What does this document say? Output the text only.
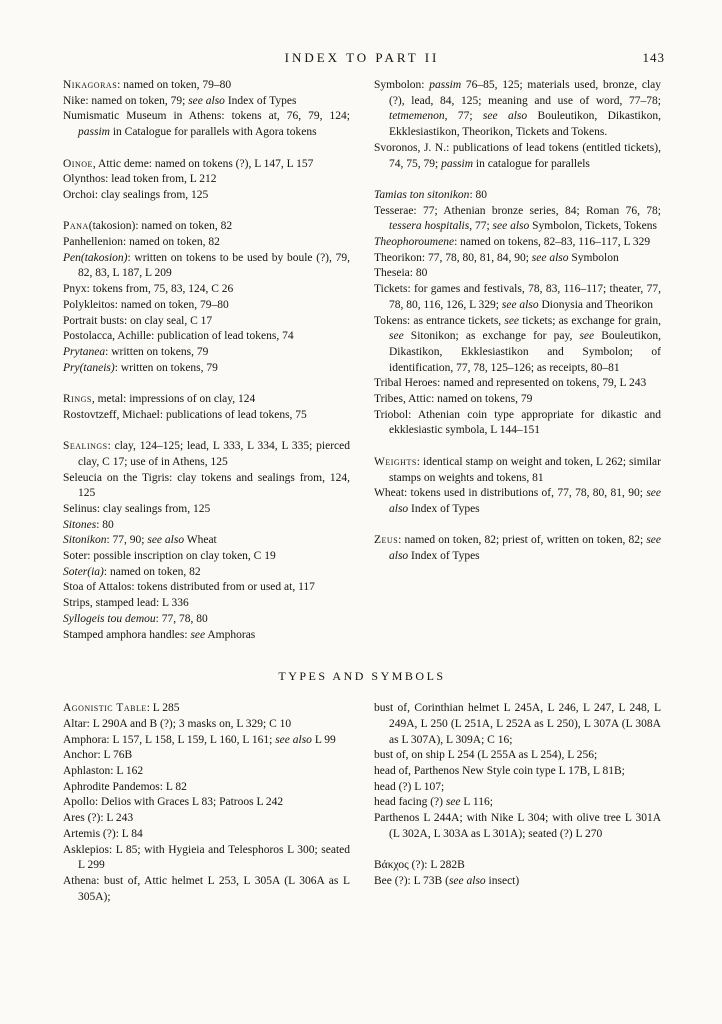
INDEX TO PART II	143

Nikagoras: named on token, 79–80

Nike: named on token, 79; see also Index of Types

Numismatic Museum in Athens: tokens at, 76, 79, 124; passim in Catalogue for parallels with Agora tokens

Oinoe, Attic deme: named on tokens (?), L 147, L 157

Olynthos: lead token from, L 212

Orchoi: clay sealings from, 125

Pana(takosion): named on token, 82

Panhellenion: named on token, 82

Pen(takosion): written on tokens to be used by boule (?), 79, 82, 83, L 187, L 209

Pnyx: tokens from, 75, 83, 124, C 26

Polykleitos: named on token, 79–80

Portrait busts: on clay seal, C 17

Postolacca, Achille: publication of lead tokens, 74

Prytanea: written on tokens, 79

Pry(taneis): written on tokens, 79

Rings, metal: impressions of on clay, 124

Rostovtzeff, Michael: publications of lead tokens, 75

Sealings: clay, 124–125; lead, L 333, L 334, L 335; pierced clay, C 17; use of in Athens, 125

Seleucia on the Tigris: clay tokens and sealings from, 124, 125

Selinus: clay sealings from, 125

Sitones: 80

Sitonikon: 77, 90; see also Wheat

Soter: possible inscription on clay token, C 19

Soter(ia): named on token, 82

Stoa of Attalos: tokens distributed from or used at, 117

Strips, stamped lead: L 336

Syllogeis tou demou: 77, 78, 80

Stamped amphora handles: see Amphoras

Symbolon: passim 76–85, 125; materials used, bronze, clay (?), lead, 84, 125; meaning and use of word, 77–78; tetmemenon, 77; see also Bouleutikon, Dikastikon, Ekklesiastikon, Theorikon, Tickets and Tokens.

Svoronos, J. N.: publications of lead tokens (entitled tickets), 74, 75, 79; passim in catalogue for parallels

Tamias ton sitonikon: 80

Tesserae: 77; Athenian bronze series, 84; Roman 76, 78; tessera hospitalis, 77; see also Symbolon, Tickets, Tokens

Theophoroumene: named on tokens, 82–83, 116–117, L 329

Theorikon: 77, 78, 80, 81, 84, 90; see also Symbolon

Theseia: 80

Tickets: for games and festivals, 78, 83, 116–117; theater, 77, 78, 80, 116, 126, L 329; see also Dionysia and Theorikon

Tokens: as entrance tickets, see tickets; as exchange for grain, see Sitonikon; as exchange for pay, see Bouleutikon, Dikastikon, Ekklesiastikon and Symbolon; of identification, 77, 78, 125–126; as receipts, 80–81

Tribal Heroes: named and represented on tokens, 79, L 243

Tribes, Attic: named on tokens, 79

Triobol: Athenian coin type appropriate for dikastic and ekklesiastic symbola, L 144–151

Weights: identical stamp on weight and token, L 262; similar stamps on weights and tokens, 81

Wheat: tokens used in distributions of, 77, 78, 80, 81, 90; see also Index of Types

Zeus: named on token, 82; priest of, written on token, 82; see also Index of Types

TYPES AND SYMBOLS

Agonistic Table: L 285

Altar: L 290A and B (?); 3 masks on, L 329; C 10

Amphora: L 157, L 158, L 159, L 160, L 161; see also L 99

Anchor: L 76B

Aphlaston: L 162

Aphrodite Pandemos: L 82

Apollo: Delios with Graces L 83; Patroos L 242

Ares (?): L 243

Artemis (?): L 84

Asklepios: L 85; with Hygieia and Telesphoros L 300; seated L 299

Athena: bust of, Attic helmet L 253, L 305A (L 306A as L 305A);

bust of, Corinthian helmet L 245A, L 246, L 247, L 248, L 249A, L 250 (L 251A, L 252A as L 250), L 307A (L 308A as L 307A), L 309A; C 16;

bust of, on ship L 254 (L 255A as L 254), L 256;

head of, Parthenos New Style coin type L 17B, L 81B;

head (?) L 107;

head facing (?) see L 116;

Parthenos L 244A; with Nike L 304; with olive tree L 301A (L 302A, L 303A as L 301A); seated (?) L 270

Βάκχος (?): L 282B

Bee (?): L 73B (see also insect)
